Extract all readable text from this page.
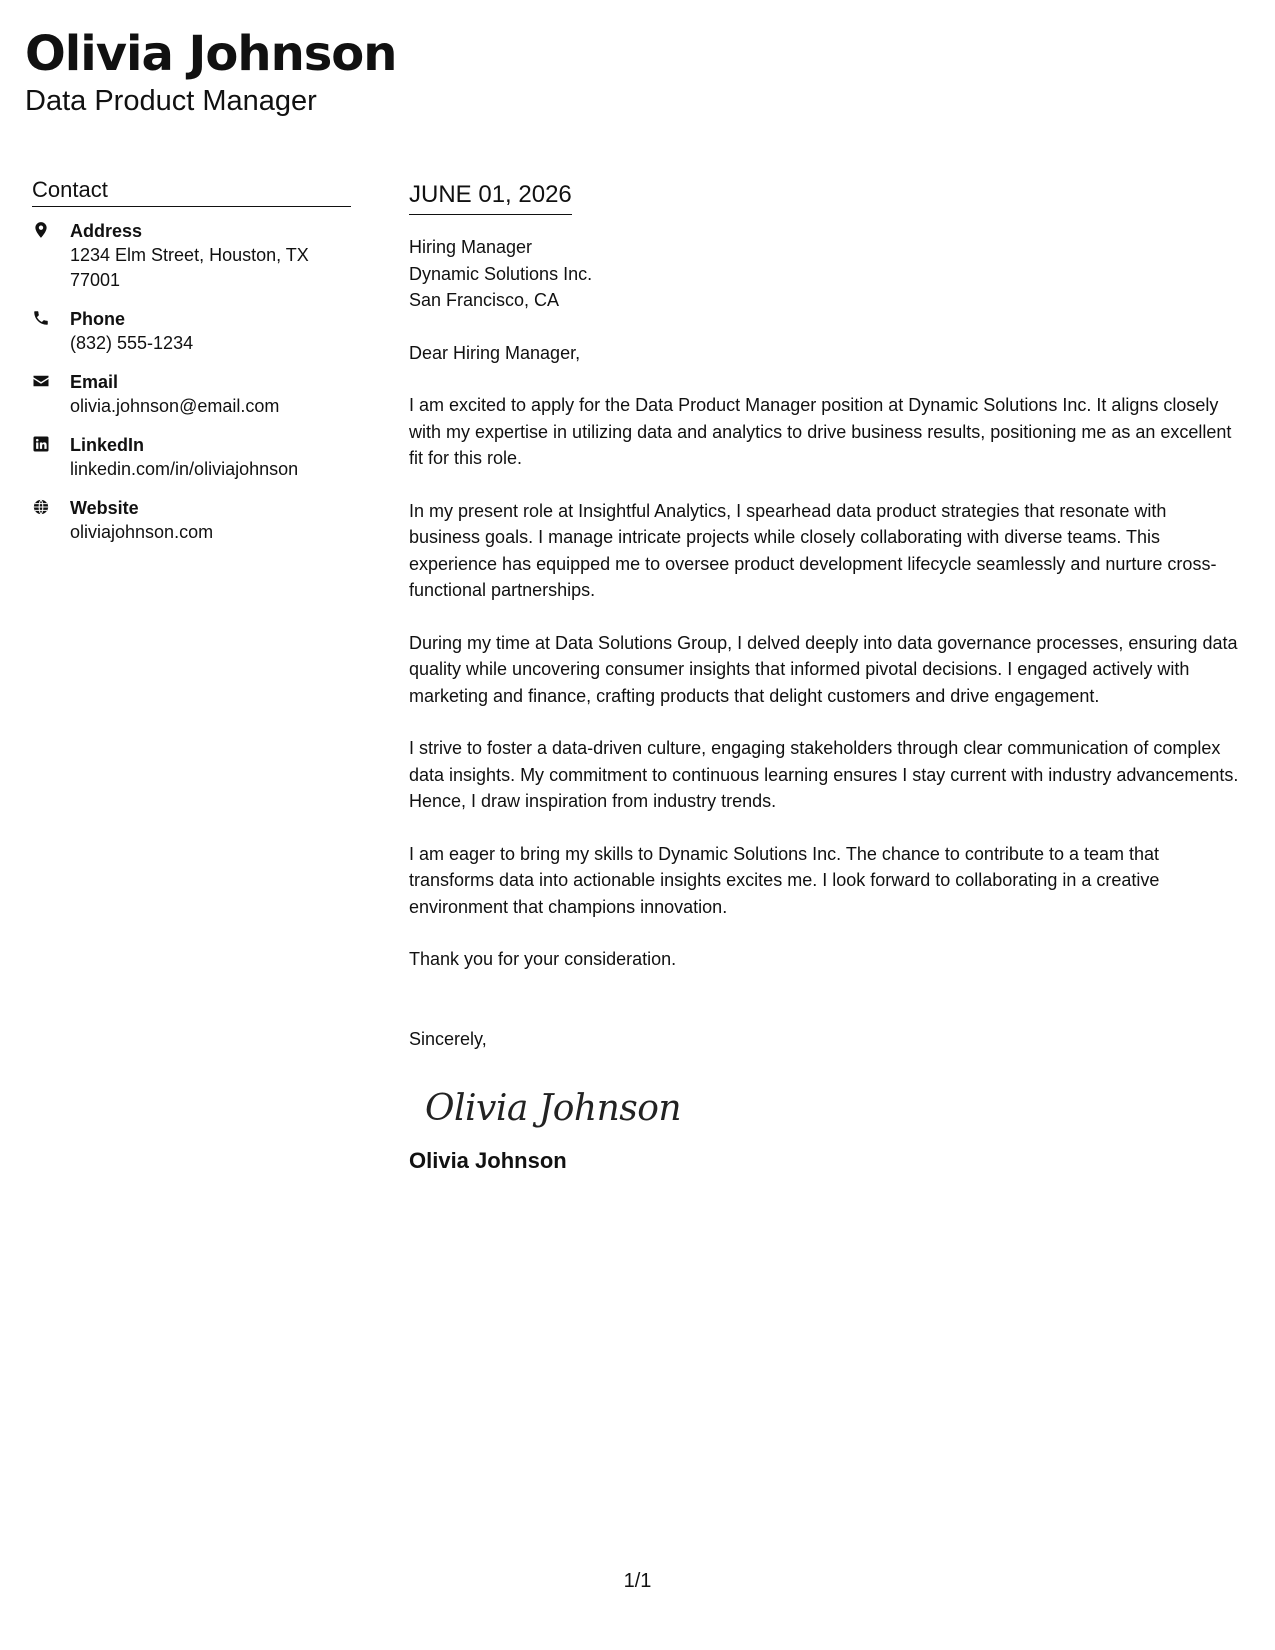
Olivia Johnson
Data Product Manager
Contact
Address
1234 Elm Street, Houston, TX 77001
Phone
(832) 555-1234
Email
olivia.johnson@email.com
LinkedIn
linkedin.com/in/oliviajohnson
Website
oliviajohnson.com
JUNE 01, 2026
Hiring Manager
Dynamic Solutions Inc.
San Francisco, CA
Dear Hiring Manager,
I am excited to apply for the Data Product Manager position at Dynamic Solutions Inc. It aligns closely with my expertise in utilizing data and analytics to drive business results, positioning me as an excellent fit for this role.
In my present role at Insightful Analytics, I spearhead data product strategies that resonate with business goals. I manage intricate projects while closely collaborating with diverse teams. This experience has equipped me to oversee product development lifecycle seamlessly and nurture cross-functional partnerships.
During my time at Data Solutions Group, I delved deeply into data governance processes, ensuring data quality while uncovering consumer insights that informed pivotal decisions. I engaged actively with marketing and finance, crafting products that delight customers and drive engagement.
I strive to foster a data-driven culture, engaging stakeholders through clear communication of complex data insights. My commitment to continuous learning ensures I stay current with industry advancements. Hence, I draw inspiration from industry trends.
I am eager to bring my skills to Dynamic Solutions Inc. The chance to contribute to a team that transforms data into actionable insights excites me. I look forward to collaborating in a creative environment that champions innovation.
Thank you for your consideration.
Sincerely,
Olivia Johnson
Olivia Johnson
1/1
